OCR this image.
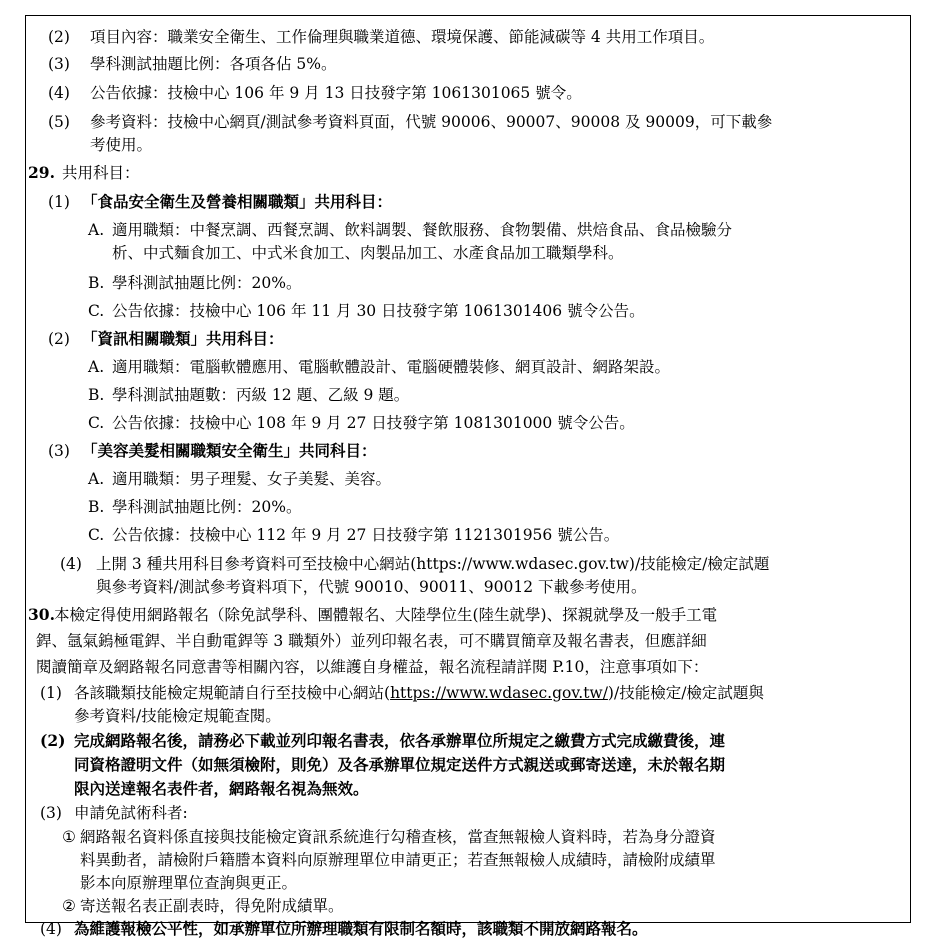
(2) 項目內容：職業安全衛生、工作倫理與職業道德、環境保護、節能減碳等 4 共用工作項目。
(3) 學科測試抽題比例：各項各佔 5%。
(4) 公告依據：技檢中心 106 年 9 月 13 日技發字第 1061301065 號令。
(5) 參考資料：技檢中心網頁/測試參考資料頁面，代號 90006、90007、90008 及 90009，可下載參
考使用。
29. 共用科目：
(1) 「食品安全衛生及營養相關職類」共用科目：
A. 適用職類：中餐烹調、西餐烹調、飲料調製、餐飲服務、食物製備、烘焙食品、食品檢驗分
析、中式麵食加工、中式米食加工、肉製品加工、水產食品加工職類學科。
B. 學科測試抽題比例：20%。
C. 公告依據：技檢中心 106 年 11 月 30 日技發字第 1061301406 號令公告。
(2) 「資訊相關職類」共用科目：
A. 適用職類：電腦軟體應用、電腦軟體設計、電腦硬體裝修、網頁設計、網路架設。
B. 學科測試抽題數：丙級 12 題、乙級 9 題。
C. 公告依據：技檢中心 108 年 9 月 27 日技發字第 1081301000 號令公告。
(3) 「美容美髮相關職類安全衛生」共同科目：
A. 適用職類：男子理髮、女子美髮、美容。
B. 學科測試抽題比例：20%。
C. 公告依據：技檢中心 112 年 9 月 27 日技發字第 1121301956 號公告。
(4) 上開 3 種共用科目參考資料可至技檢中心網站(https://www.wdasec.gov.tw)/技能檢定/檢定試題
與參考資料/測試參考資料項下，代號 90010、90011、90012 下載參考使用。
30. 本檢定得使用網路報名（除免試學科、團體報名、大陸學位生(陸生就學)、探親就學及一般手工電
銲、氬氣鎢極電銲、半自動電銲等 3 職類外）並列印報名表，可不購買簡章及報名書表，但應詳細
閱讀簡章及網路報名同意書等相關內容，以維護自身權益，報名流程請詳閱 P.10，注意事項如下：
(1) 各該職類技能檢定規範請自行至技檢中心網站(https://www.wdasec.gov.tw/)/技能檢定/檢定試題與
參考資料/技能檢定規範查閱。
(2) 完成網路報名後，請務必下載並列印報名書表，依各承辦單位所規定之繳費方式完成繳費後，連
同資格證明文件（如無須檢附，則免）及各承辦單位規定送件方式親送或郵寄送達，未於報名期
限內送達報名表件者，網路報名視為無效。
(3) 申請免試術科者:
① 網路報名資料係直接與技能檢定資訊系統進行勾稽查核，當查無報檢人資料時，若為身分證資
料異動者，請檢附戶籍謄本資料向原辦理單位申請更正；若查無報檢人成績時，請檢附成績單
影本向原辦理單位查詢與更正。
② 寄送報名表正副表時，得免附成績單。
(4) 為維護報檢公平性，如承辦單位所辦理職類有限制名額時，該職類不開放網路報名。
